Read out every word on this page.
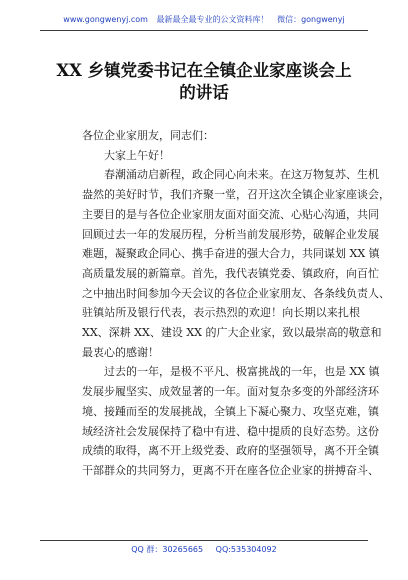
www.gongwenyj.com 最新最全最专业的公文资料库！ 微信：gongwenyj
XX 乡镇党委书记在全镇企业家座谈会上
的讲话

各位企业家朋友，同志们：

大家上午好！

春潮涌动启新程，政企同心向未来。在这万物复苏、生机
盎然的美好时节，我们齐聚一堂，召开这次全镇企业家座谈会，
主要目的是与各位企业家朋友面对面交流、心贴心沟通，共同
回顾过去一年的发展历程，分析当前发展形势，破解企业发展
难题，凝聚政企同心、携手奋进的强大合力，共同谋划 XX 镇
高质量发展的新篇章。首先，我代表镇党委、镇政府，向百忙
之中抽出时间参加今天会议的各位企业家朋友、各条线负责人、
驻镇站所及银行代表，表示热烈的欢迎！向长期以来扎根
XX、深耕 XX、建设 XX 的广大企业家，致以最崇高的敬意和
最衷心的感谢！

过去的一年，是极不平凡、极富挑战的一年，也是 XX 镇
发展步履坚实、成效显著的一年。面对复杂多变的外部经济环
境、接踵而至的发展挑战，全镇上下凝心聚力、攻坚克难，镇
域经济社会发展保持了稳中有进、稳中提质的良好态势。这份
成绩的取得，离不开上级党委、政府的坚强领导，离不开全镇
干部群众的共同努力，更离不开在座各位企业家的拼搏奋斗、

QQ 群：30265665 QQ:535304092
